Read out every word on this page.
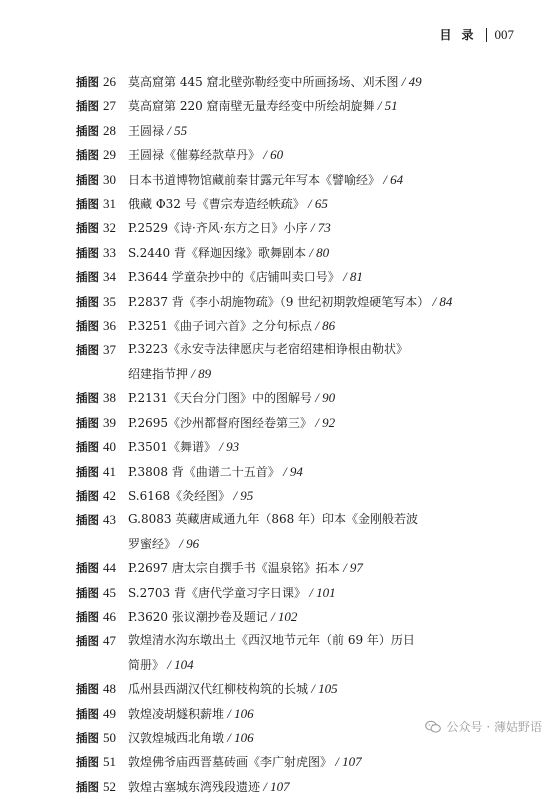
目录 007
插图 26 莫高窟第 445 窟北壁弥勒经变中所画扬场、刈禾图 / 49
插图 27 莫高窟第 220 窟南壁无量寿经变中所绘胡旋舞 / 51
插图 28 王圆禄 / 55
插图 29 王圆禄《催募经款草丹》 / 60
插图 30 日本书道博物馆藏前秦甘露元年写本《譬喻经》 / 64
插图 31 俄藏 Φ32 号《曹宗寿造经帙疏》 / 65
插图 32 P.2529《诗·齐风·东方之日》小序 / 73
插图 33 S.2440 背《释迦因缘》歌舞剧本 / 80
插图 34 P.3644 学童杂抄中的《店铺叫卖口号》 / 81
插图 35 P.2837 背《李小胡施物疏》（9 世纪初期敦煌硬笔写本） / 84
插图 36 P.3251《曲子词六首》之分句标点 / 86
插图 37 P.3223《永安寺法律愿庆与老宿绍建相诤根由勒状》
绍建指节押 / 89
插图 38 P.2131《天台分门图》中的图解号 / 90
插图 39 P.2695《沙州都督府图经卷第三》 / 92
插图 40 P.3501《舞谱》 / 93
插图 41 P.3808 背《曲谱二十五首》 / 94
插图 42 S.6168《灸经图》 / 95
插图 43 G.8083 英藏唐咸通九年（868 年）印本《金刚般若波
罗蜜经》 / 96
插图 44 P.2697 唐太宗自撰手书《温泉铭》拓本 / 97
插图 45 S.2703 背《唐代学童习字日课》 / 101
插图 46 P.3620 张议潮抄卷及题记 / 102
插图 47 敦煌清水沟东墩出土《西汉地节元年（前 69 年）历日
简册》 / 104
插图 48 瓜州县西湖汉代红柳枝构筑的长城 / 105
插图 49 敦煌凌胡燧积薪堆 / 106
插图 50 汉敦煌城西北角墩 / 106
插图 51 敦煌佛爷庙西晋墓砖画《李广射虎图》 / 107
插图 52 敦煌古塞城东湾残段遗迹 / 107
公众号 · 薄姑野语
